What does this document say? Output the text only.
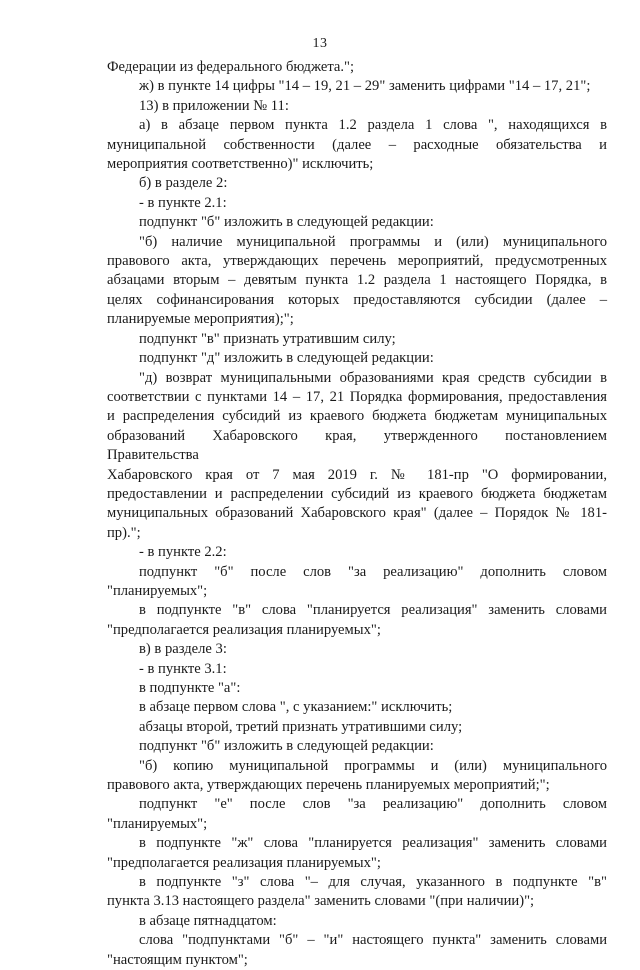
13
Федерации из федерального бюджета.";
ж) в пункте 14 цифры "14 – 19, 21 – 29" заменить цифрами "14 – 17, 21";
13) в приложении № 11:
а) в абзаце первом пункта 1.2 раздела 1 слова ", находящихся в
муниципальной собственности (далее – расходные обязательства и
мероприятия соответственно)" исключить;
б) в разделе 2:
- в пункте 2.1:
подпункт "б" изложить в следующей редакции:
"б) наличие муниципальной программы и (или) муниципального
правового акта, утверждающих перечень мероприятий, предусмотренных
абзацами вторым – девятым пункта 1.2 раздела 1 настоящего Порядка, в
целях софинансирования которых предоставляются субсидии (далее –
планируемые мероприятия);";
подпункт "в" признать утратившим силу;
подпункт "д" изложить в следующей редакции:
"д) возврат муниципальными образованиями края средств субсидии в
соответствии с пунктами 14 – 17, 21 Порядка формирования, предоставления
и распределения субсидий из краевого бюджета бюджетам муниципальных
образований Хабаровского края, утвержденного постановлением Правительства
Хабаровского края от 7 мая 2019 г. № 181-пр "О формировании,
предоставлении и распределении субсидий из краевого бюджета бюджетам
муниципальных образований Хабаровского края" (далее – Порядок № 181-пр).";
- в пункте 2.2:
подпункт "б" после слов "за реализацию" дополнить словом
"планируемых";
в подпункте "в" слова "планируется реализация" заменить словами
"предполагается реализация планируемых";
в) в разделе 3:
- в пункте 3.1:
в подпункте "а":
в абзаце первом слова ", с указанием:" исключить;
абзацы второй, третий признать утратившими силу;
подпункт "б" изложить в следующей редакции:
"б) копию муниципальной программы и (или) муниципального
правового акта, утверждающих перечень планируемых мероприятий;";
подпункт "е" после слов "за реализацию" дополнить словом
"планируемых";
в подпункте "ж" слова "планируется реализация" заменить словами
"предполагается реализация планируемых";
в подпункте "з" слова "– для случая, указанного в подпункте "в"
пункта 3.13 настоящего раздела" заменить словами "(при наличии)";
в абзаце пятнадцатом:
слова "подпунктами "б" – "и" настоящего пункта" заменить словами
"настоящим пунктом";
